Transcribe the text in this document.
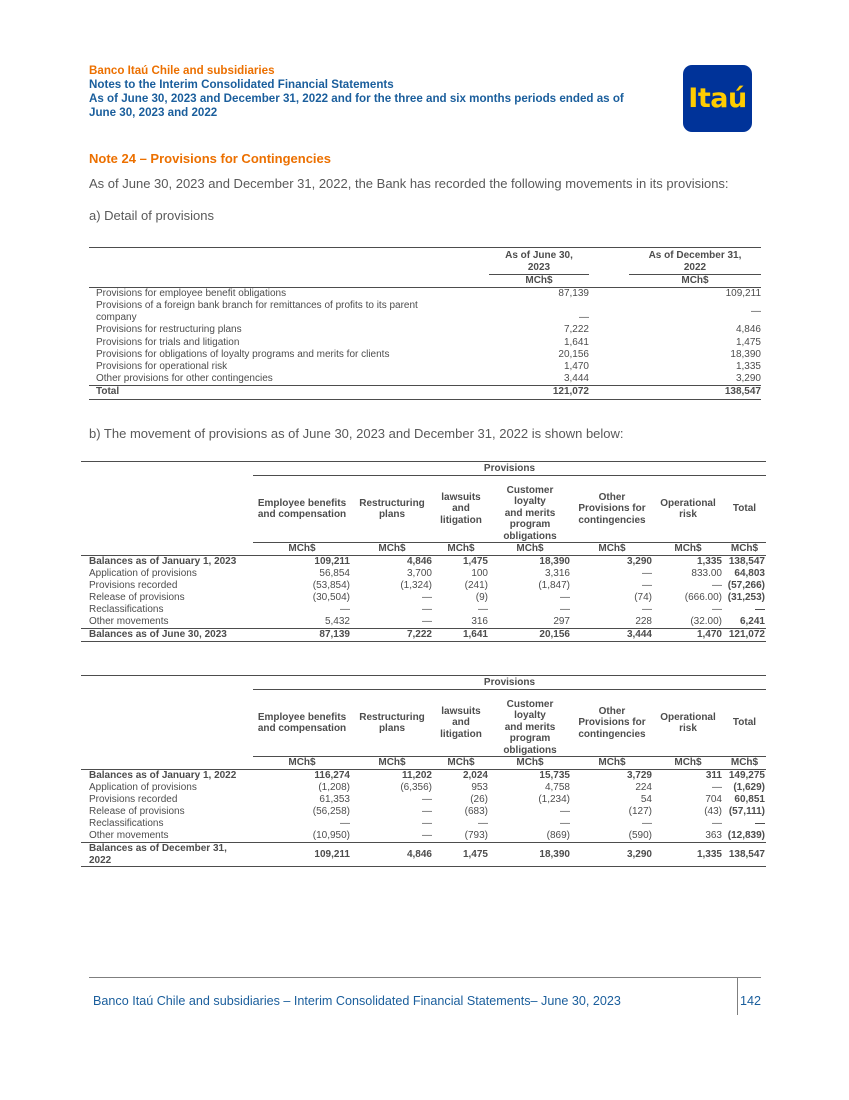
Banco Itaú Chile and subsidiaries
Notes to the Interim Consolidated Financial Statements
As of June 30, 2023 and December 31, 2022 and for the three and six months periods ended as of
June 30, 2023 and 2022	Itaú
Note 24 – Provisions for Contingencies
As of June 30, 2023 and December 31, 2022, the Bank has recorded the following movements in its provisions:
a) Detail of provisions
		As of June 30,
2023		As of December 31,
2022
		MCh$		MCh$
Provisions for employee benefit obligations		87,139		109,211
Provisions of a foreign bank branch for remittances of profits to its parent
company		—		—
Provisions for restructuring plans		7,222		4,846
Provisions for trials and litigation		1,641		1,475
Provisions for obligations of loyalty programs and merits for clients		20,156		18,390
Provisions for operational risk		1,470		1,335
Other provisions for other contingencies		3,444		3,290
Total		121,072		138,547
b) The movement of provisions as of June 30, 2023 and December 31, 2022 is shown below:
	Provisions						
	Employee benefits
and compensation	Restructuring
plans	lawsuits
and
litigation	Customer
loyalty
and merits
program
obligations	Other
Provisions for
contingencies	Operational
risk	Total
	MCh$	MCh$	MCh$	MCh$	MCh$	MCh$	MCh$
Balances as of January 1, 2023	109,211	4,846	1,475	18,390	3,290	1,335	138,547
Application of provisions	56,854	3,700	100	3,316	—	833.00	64,803
Provisions recorded	(53,854)	(1,324)	(241)	(1,847)	—	—	(57,266)
Release of provisions	(30,504)	—	(9)	—	(74)	(666.00)	(31,253)
Reclassifications	—	—	—	—	—	—	—
Other movements	5,432	—	316	297	228	(32.00)	6,241
Balances as of June 30, 2023	87,139	7,222	1,641	20,156	3,444	1,470	121,072
	Provisions						
	Employee benefits
and compensation	Restructuring
plans	lawsuits
and
litigation	Customer
loyalty
and merits
program
obligations	Other
Provisions for
contingencies	Operational
risk	Total
	MCh$	MCh$	MCh$	MCh$	MCh$	MCh$	MCh$
Balances as of January 1, 2022	116,274	11,202	2,024	15,735	3,729	311	149,275
Application of provisions	(1,208)	(6,356)	953	4,758	224	—	(1,629)
Provisions recorded	61,353	—	(26)	(1,234)	54	704	60,851
Release of provisions	(56,258)	—	(683)	—	(127)	(43)	(57,111)
Reclassifications	—	—	—	—	—	—	—
Other movements	(10,950)	—	(793)	(869)	(590)	363	(12,839)
Balances as of December 31,
2022	109,211	4,846	1,475	18,390	3,290	1,335	138,547
Banco Itaú Chile and subsidiaries – Interim Consolidated Financial Statements– June 30, 2023	142
